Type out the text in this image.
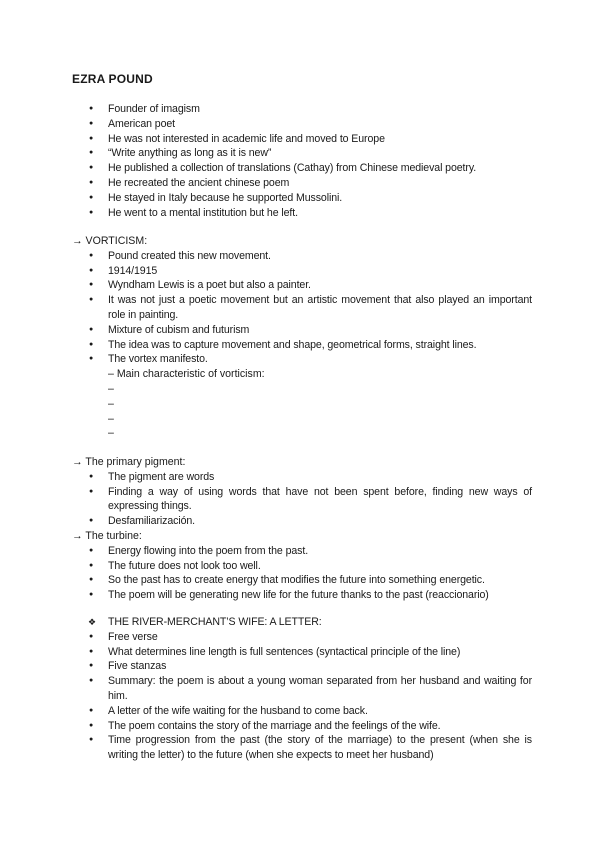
EZRA POUND
● Founder of imagism
● American poet
● He was not interested in academic life and moved to Europe
● “Write anything as long as it is new”
● He published a collection of translations (Cathay) from Chinese medieval poetry.
● He recreated the ancient chinese poem
● He stayed in Italy because he supported Mussolini.
● He went to a mental institution but he left.
→ VORTICISM:
● Pound created this new movement.
● 1914/1915
● Wyndham Lewis is a poet but also a painter.
● It was not just a poetic movement but an artistic movement that also played an important role in painting.
● Mixture of cubism and futurism
● The idea was to capture movement and shape, geometrical forms, straight lines.
● The vortex manifesto.
– Main characteristic of vorticism:
–
–
–
–
→ The primary pigment:
● The pigment are words
● Finding a way of using words that have not been spent before, finding new ways of expressing things.
● Desfamiliarización.
→ The turbine:
● Energy flowing into the poem from the past.
● The future does not look too well.
● So the past has to create energy that modifies the future into something energetic.
● The poem will be generating new life for the future thanks to the past (reaccionario)
❖ THE RIVER-MERCHANT’S WIFE: A LETTER:
● Free verse
● What determines line length is full sentences (syntactical principle of the line)
● Five stanzas
● Summary: the poem is about a young woman separated from her husband and waiting for him.
● A letter of the wife waiting for the husband to come back.
● The poem contains the story of the marriage and the feelings of the wife.
● Time progression from the past (the story of the marriage) to the present (when she is writing the letter) to the future (when she expects to meet her husband)
